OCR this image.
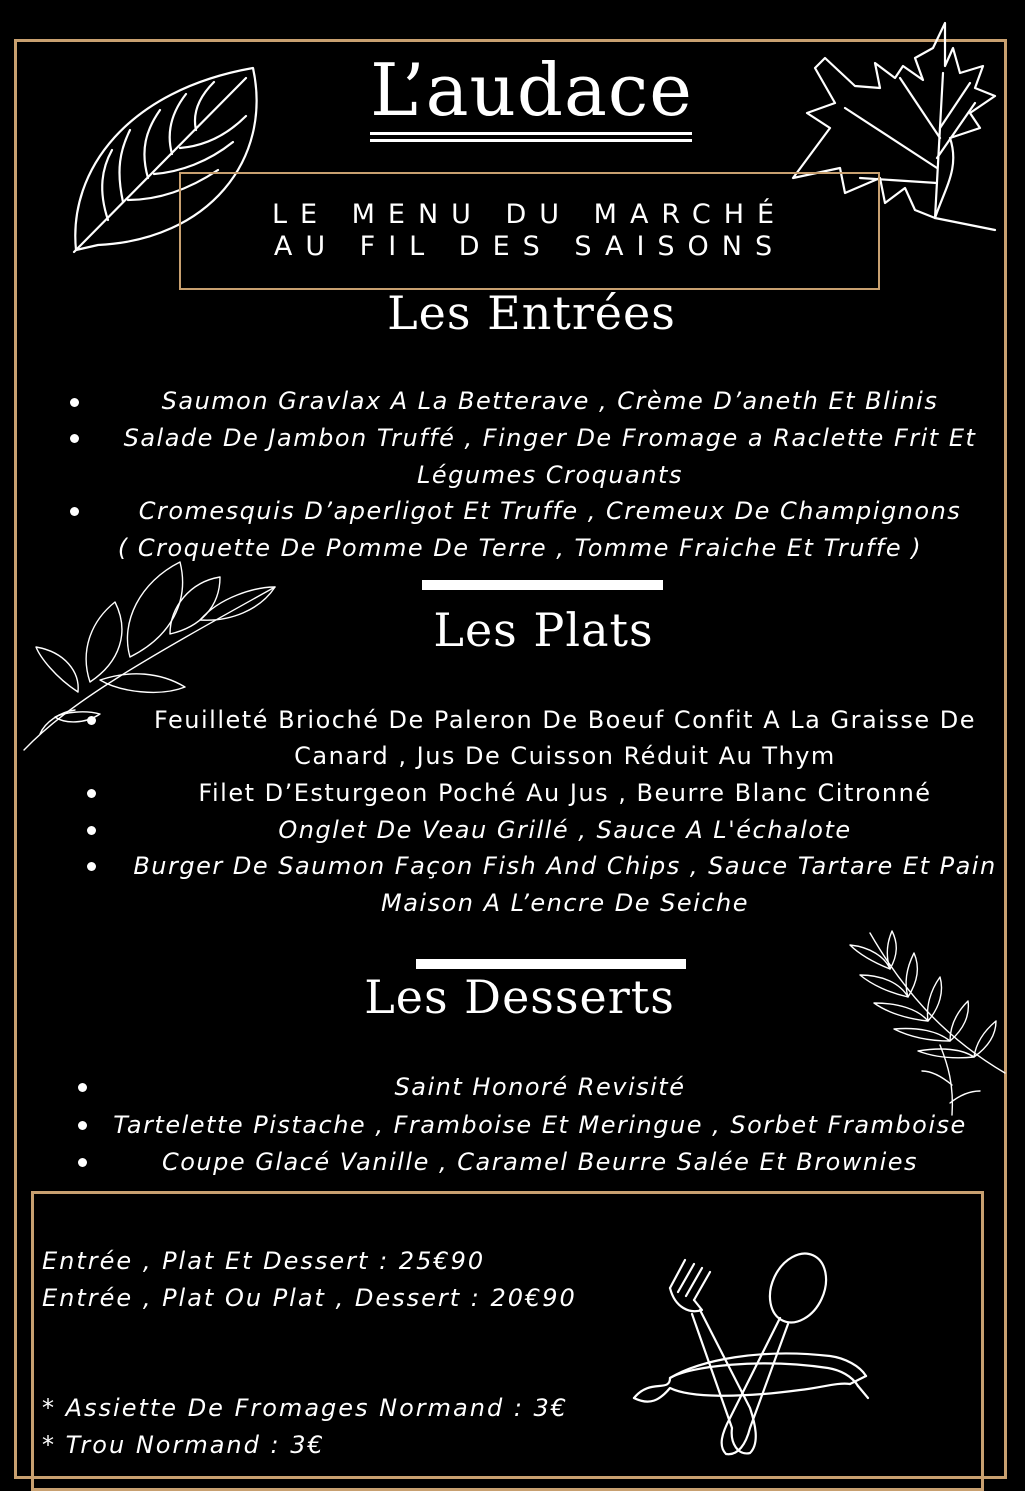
L’audace
LE MENU DU MARCHÉ
AU FIL DES SAISONS
Les Entrées
Saumon Gravlax A La Betterave , Crème D’aneth Et Blinis
Salade De Jambon Truffé , Finger De Fromage a Raclette Frit Et
Légumes Croquants
Cromesquis D’aperligot Et Truffe , Cremeux De Champignons
( Croquette De Pomme De Terre , Tomme Fraiche Et Truffe )
Les Plats
Feuilleté Brioché De Paleron De Boeuf Confit A La Graisse De
Canard , Jus De Cuisson Réduit Au Thym
Filet D’Esturgeon Poché Au Jus , Beurre Blanc Citronné
Onglet De Veau Grillé , Sauce A L'échalote
Burger De Saumon Façon Fish And Chips , Sauce Tartare Et Pain
Maison A L’encre De Seiche
Les Desserts
Saint Honoré Revisité
Tartelette Pistache , Framboise Et Meringue , Sorbet Framboise
Coupe Glacé Vanille , Caramel Beurre Salée Et Brownies
Entrée , Plat Et Dessert : 25€90
Entrée , Plat Ou Plat , Dessert : 20€90
* Assiette De Fromages Normand : 3€
* Trou Normand : 3€
